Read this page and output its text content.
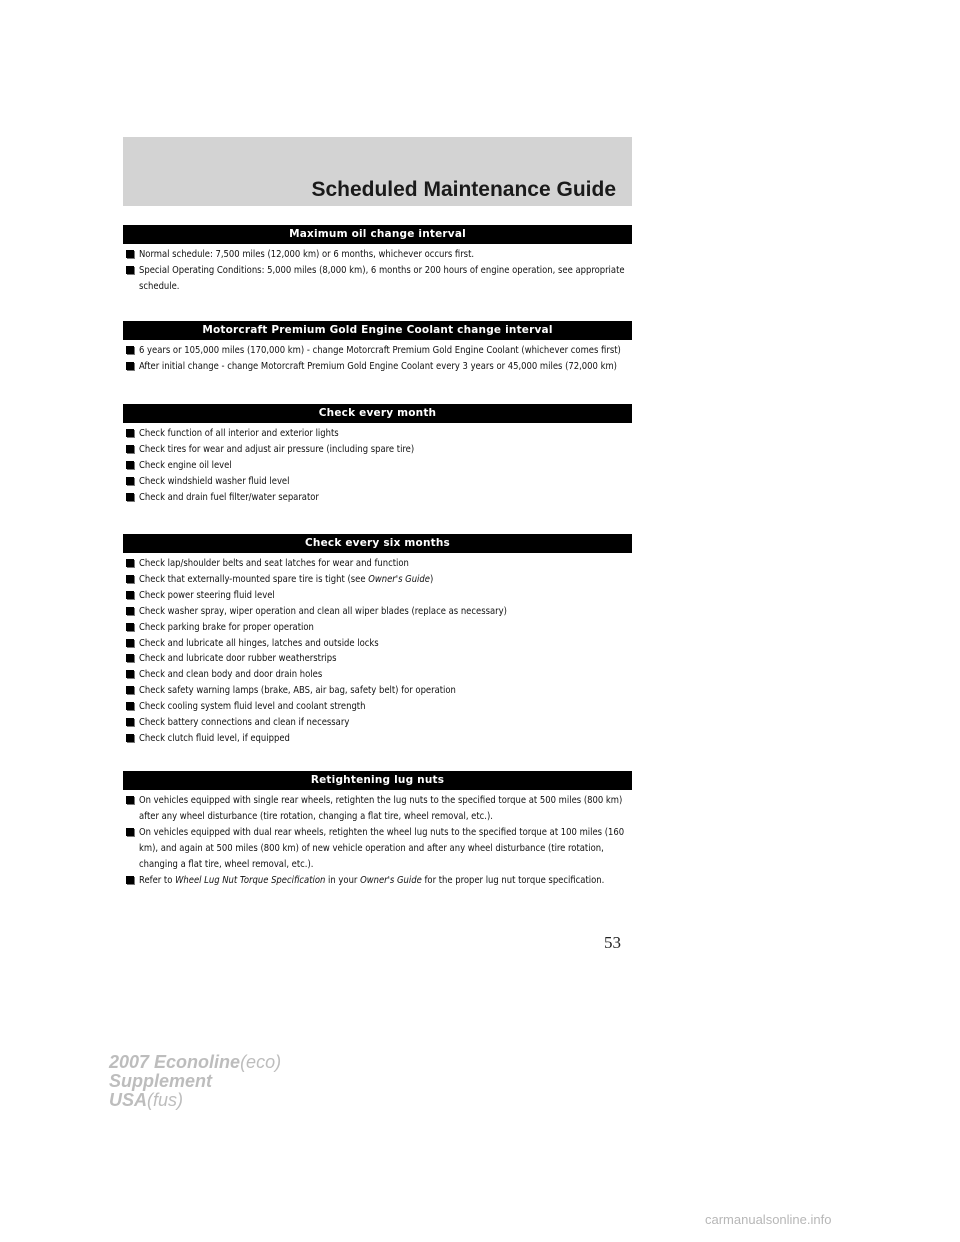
Scheduled Maintenance Guide
Maximum oil change interval
Normal schedule: 7,500 miles (12,000 km) or 6 months, whichever occurs first.
Special Operating Conditions: 5,000 miles (8,000 km), 6 months or 200 hours of engine operation, see appropriate schedule.
Motorcraft Premium Gold Engine Coolant change interval
6 years or 105,000 miles (170,000 km) - change Motorcraft Premium Gold Engine Coolant (whichever comes first)
After initial change - change Motorcraft Premium Gold Engine Coolant every 3 years or 45,000 miles (72,000 km)
Check every month
Check function of all interior and exterior lights
Check tires for wear and adjust air pressure (including spare tire)
Check engine oil level
Check windshield washer fluid level
Check and drain fuel filter/water separator
Check every six months
Check lap/shoulder belts and seat latches for wear and function
Check that externally-mounted spare tire is tight (see Owner's Guide)
Check power steering fluid level
Check washer spray, wiper operation and clean all wiper blades (replace as necessary)
Check parking brake for proper operation
Check and lubricate all hinges, latches and outside locks
Check and lubricate door rubber weatherstrips
Check and clean body and door drain holes
Check safety warning lamps (brake, ABS, air bag, safety belt) for operation
Check cooling system fluid level and coolant strength
Check battery connections and clean if necessary
Check clutch fluid level, if equipped
Retightening lug nuts
On vehicles equipped with single rear wheels, retighten the lug nuts to the specified torque at 500 miles (800 km) after any wheel disturbance (tire rotation, changing a flat tire, wheel removal, etc.).
On vehicles equipped with dual rear wheels, retighten the wheel lug nuts to the specified torque at 100 miles (160 km), and again at 500 miles (800 km) of new vehicle operation and after any wheel disturbance (tire rotation, changing a flat tire, wheel removal, etc.).
Refer to Wheel Lug Nut Torque Specification in your Owner's Guide for the proper lug nut torque specification.
53
2007 Econoline(eco)
Supplement
USA(fus)
carmanualsonline.info
